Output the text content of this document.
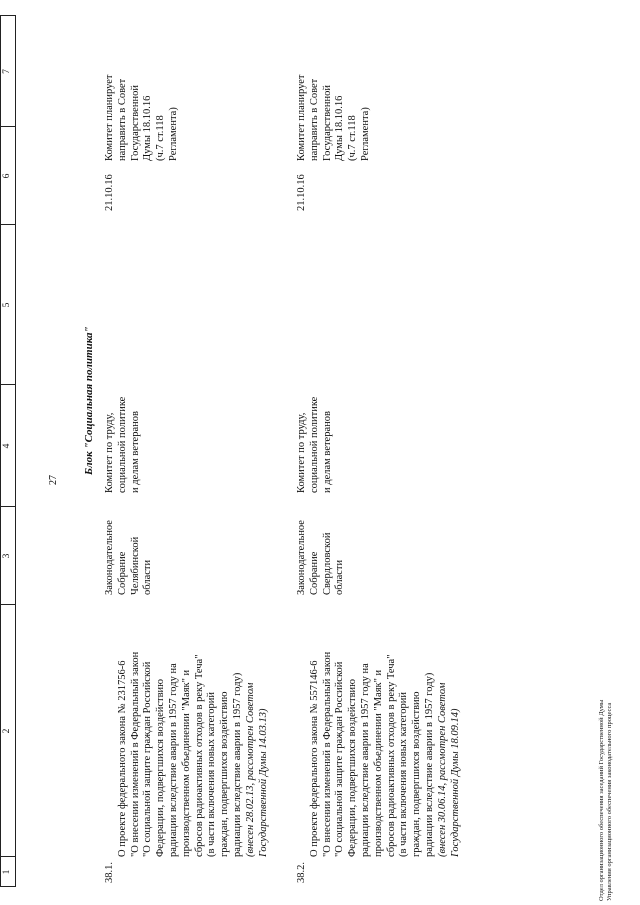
1
2
3
4
5
6
7
27
Блок "Социальная политика"
38.1.

О проекте федерального закона № 231756-6
"О внесении изменений в Федеральный закон
"О социальной защите граждан Российской
Федерации, подвергшихся воздействию
радиации вследствие аварии в 1957 году на
производственном объединении "Маяк" и
сбросов радиоактивных отходов в реку Теча"
(в части включения новых категорий
граждан, подвергшихся воздействию
радиации вследствие аварии в 1957 году)

(внесен 28.02.13, рассмотрен Советом
Государственной Думы 14.03.13)

Законодательное
Собрание
Челябинской области
Комитет по труду,
социальной политике
и делам ветеранов
21.10.16
Комитет планирует
направить в Совет
Государственной
Думы 18.10.16
(ч.7 ст.118
Регламента)
38.2.

О проекте федерального закона № 557146-6
"О внесении изменений в Федеральный закон
"О социальной защите граждан Российской
Федерации, подвергшихся воздействию
радиации вследствие аварии в 1957 году на
производственном объединении "Маяк" и
сбросов радиоактивных отходов в реку Теча"
(в части включения новых категорий
граждан, подвергшихся воздействию
радиации вследствие аварии в 1957 году)

(внесен 30.06.14, рассмотрен Советом
Государственной Думы 18.09.14)

Законодательное
Собрание
Свердловской
области
Комитет по труду,
социальной политике
и делам ветеранов
21.10.16
Комитет планирует
направить в Совет
Государственной
Думы 18.10.16
(ч.7 ст.118
Регламента)
Отдел организационного обеспечения заседаний Государственной Думы Управления организационного обеспечения законодательного процесса
